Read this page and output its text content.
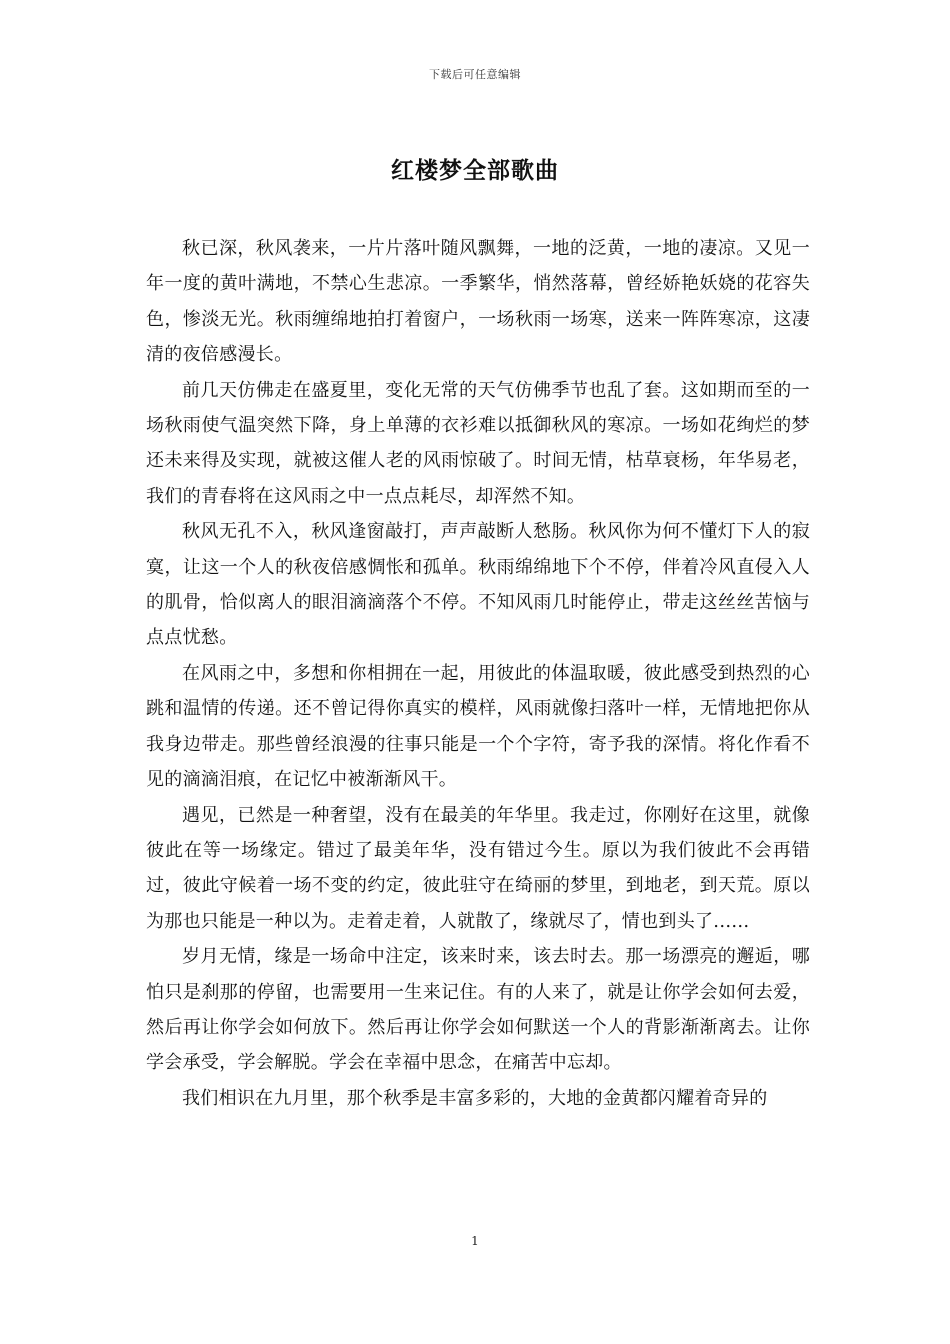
下载后可任意编辑
红楼梦全部歌曲

秋已深，秋风袭来，一片片落叶随风飘舞，一地的泛黄，一地的凄凉。又见一年一度的黄叶满地，不禁心生悲凉。一季繁华，悄然落幕，曾经娇艳妖娆的花容失色，惨淡无光。秋雨缠绵地拍打着窗户，一场秋雨一场寒，送来一阵阵寒凉，这凄清的夜倍感漫长。

前几天仿佛走在盛夏里，变化无常的天气仿佛季节也乱了套。这如期而至的一场秋雨使气温突然下降，身上单薄的衣衫难以抵御秋风的寒凉。一场如花绚烂的梦还未来得及实现，就被这催人老的风雨惊破了。时间无情，枯草衰杨，年华易老，我们的青春将在这风雨之中一点点耗尽，却浑然不知。

秋风无孔不入，秋风逢窗敲打，声声敲断人愁肠。秋风你为何不懂灯下人的寂寞，让这一个人的秋夜倍感惆怅和孤单。秋雨绵绵地下个不停，伴着冷风直侵入人的肌骨，恰似离人的眼泪滴滴落个不停。不知风雨几时能停止，带走这丝丝苦恼与点点忧愁。

在风雨之中，多想和你相拥在一起，用彼此的体温取暖，彼此感受到热烈的心跳和温情的传递。还不曾记得你真实的模样，风雨就像扫落叶一样，无情地把你从我身边带走。那些曾经浪漫的往事只能是一个个字符，寄予我的深情。将化作看不见的滴滴泪痕，在记忆中被渐渐风干。

遇见，已然是一种奢望，没有在最美的年华里。我走过，你刚好在这里，就像彼此在等一场缘定。错过了最美年华，没有错过今生。原以为我们彼此不会再错过，彼此守候着一场不变的约定，彼此驻守在绮丽的梦里，到地老，到天荒。原以为那也只能是一种以为。走着走着，人就散了，缘就尽了，情也到头了......

岁月无情，缘是一场命中注定，该来时来，该去时去。那一场漂亮的邂逅，哪怕只是刹那的停留，也需要用一生来记住。有的人来了，就是让你学会如何去爱，然后再让你学会如何放下。然后再让你学会如何默送一个人的背影渐渐离去。让你学会承受，学会解脱。学会在幸福中思念，在痛苦中忘却。

我们相识在九月里，那个秋季是丰富多彩的，大地的金黄都闪耀着奇异的

1
